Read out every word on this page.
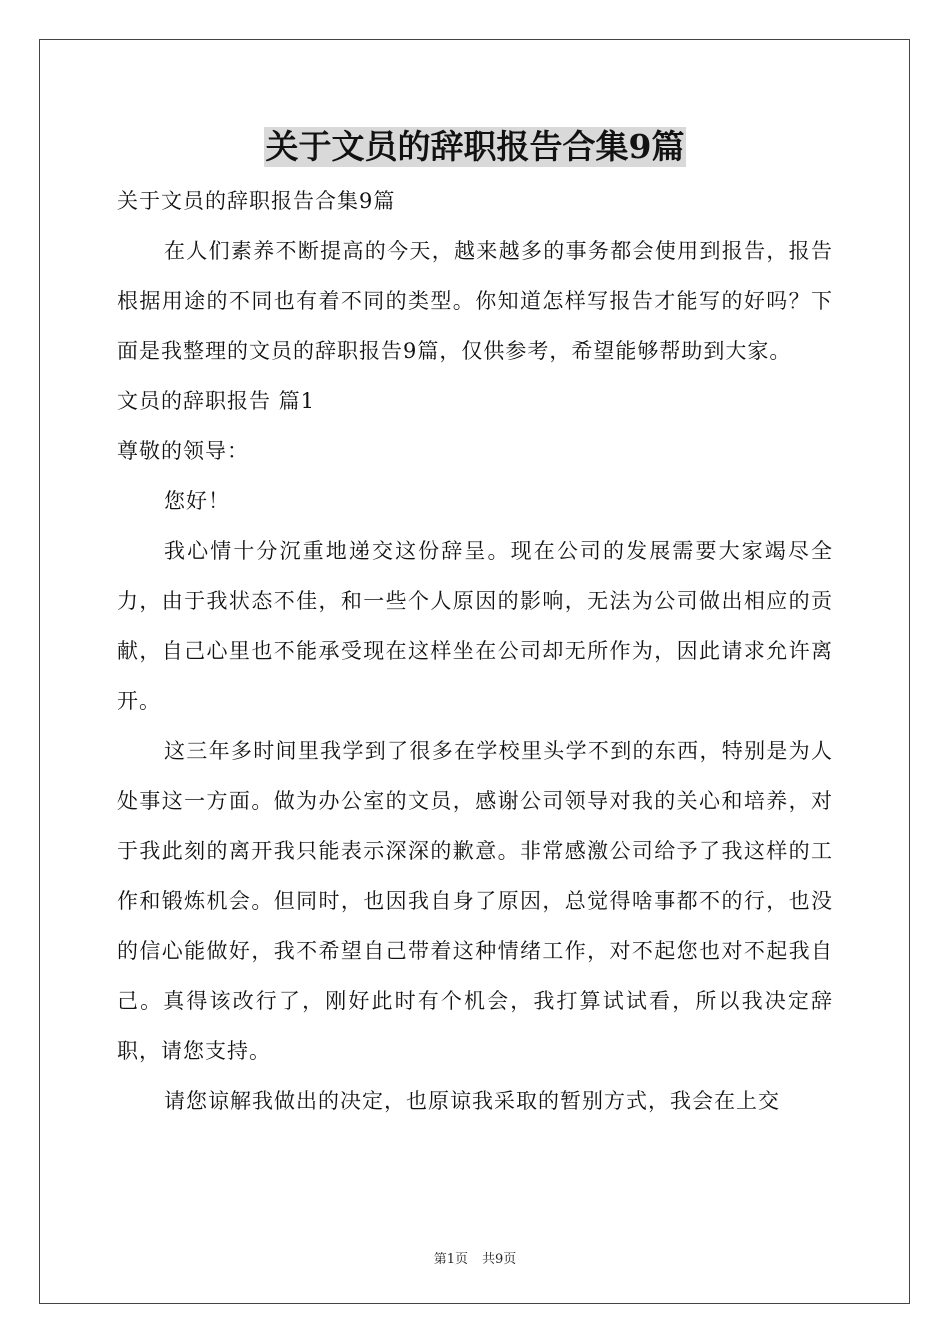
关于文员的辞职报告合集9篇

关于文员的辞职报告合集9篇

在人们素养不断提高的今天，越来越多的事务都会使用到报告，报告根据用途的不同也有着不同的类型。你知道怎样写报告才能写的好吗？下面是我整理的文员的辞职报告9篇，仅供参考，希望能够帮助到大家。

文员的辞职报告 篇1

尊敬的领导：

您好！

我心情十分沉重地递交这份辞呈。现在公司的发展需要大家竭尽全力，由于我状态不佳，和一些个人原因的影响，无法为公司做出相应的贡献，自己心里也不能承受现在这样坐在公司却无所作为，因此请求允许离开。

这三年多时间里我学到了很多在学校里头学不到的东西，特别是为人处事这一方面。做为办公室的文员，感谢公司领导对我的关心和培养，对于我此刻的离开我只能表示深深的歉意。非常感激公司给予了我这样的工作和锻炼机会。但同时，也因我自身了原因，总觉得啥事都不的行，也没的信心能做好，我不希望自己带着这种情绪工作，对不起您也对不起我自己。真得该改行了，刚好此时有个机会，我打算试试看，所以我决定辞职，请您支持。

请您谅解我做出的决定，也原谅我采取的暂别方式，我会在上交

第1页 共9页
